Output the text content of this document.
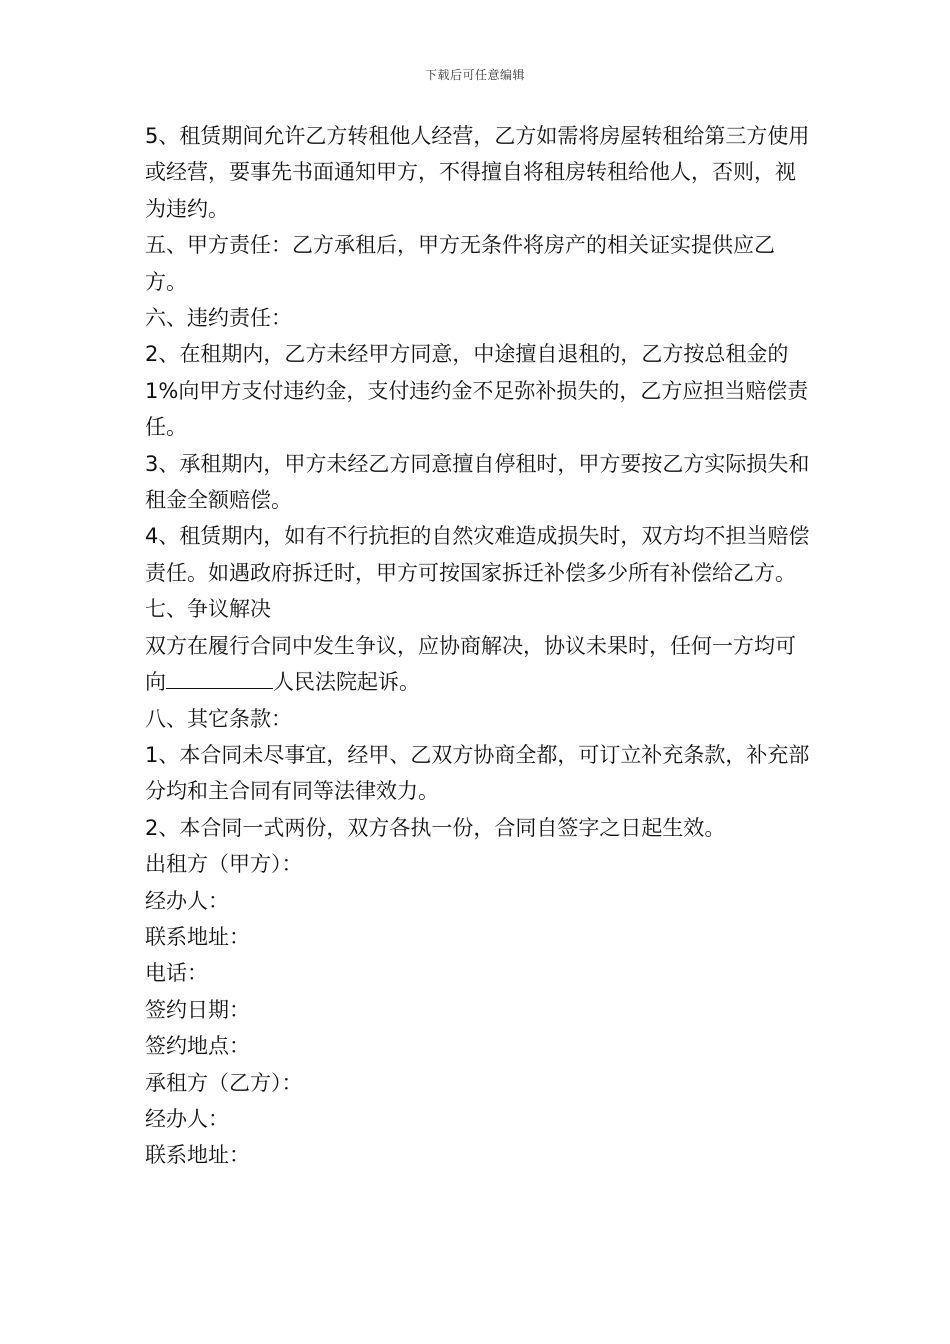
下载后可任意编辑

5、租赁期间允许乙方转租他人经营，乙方如需将房屋转租给第三方使用或经营，要事先书面通知甲方，不得擅自将租房转租给他人，否则，视为违约。

五、甲方责任：乙方承租后，甲方无条件将房产的相关证实提供应乙方。

六、违约责任：

2、在租期内，乙方未经甲方同意，中途擅自退租的，乙方按总租金的 1%向甲方支付违约金，支付违约金不足弥补损失的，乙方应担当赔偿责任。

3、承租期内，甲方未经乙方同意擅自停租时，甲方要按乙方实际损失和租金全额赔偿。

4、租赁期内，如有不行抗拒的自然灾难造成损失时，双方均不担当赔偿责任。如遇政府拆迁时，甲方可按国家拆迁补偿多少所有补偿给乙方。

七、争议解决

双方在履行合同中发生争议，应协商解决，协议未果时，任何一方均可向	人民法院起诉。

八、其它条款：

1、本合同未尽事宜，经甲、乙双方协商全都，可订立补充条款，补充部分均和主合同有同等法律效力。

2、本合同一式两份，双方各执一份，合同自签字之日起生效。

出租方（甲方）：

经办人：

联系地址：

电话：

签约日期：

签约地点：

承租方（乙方）：

经办人：

联系地址：
